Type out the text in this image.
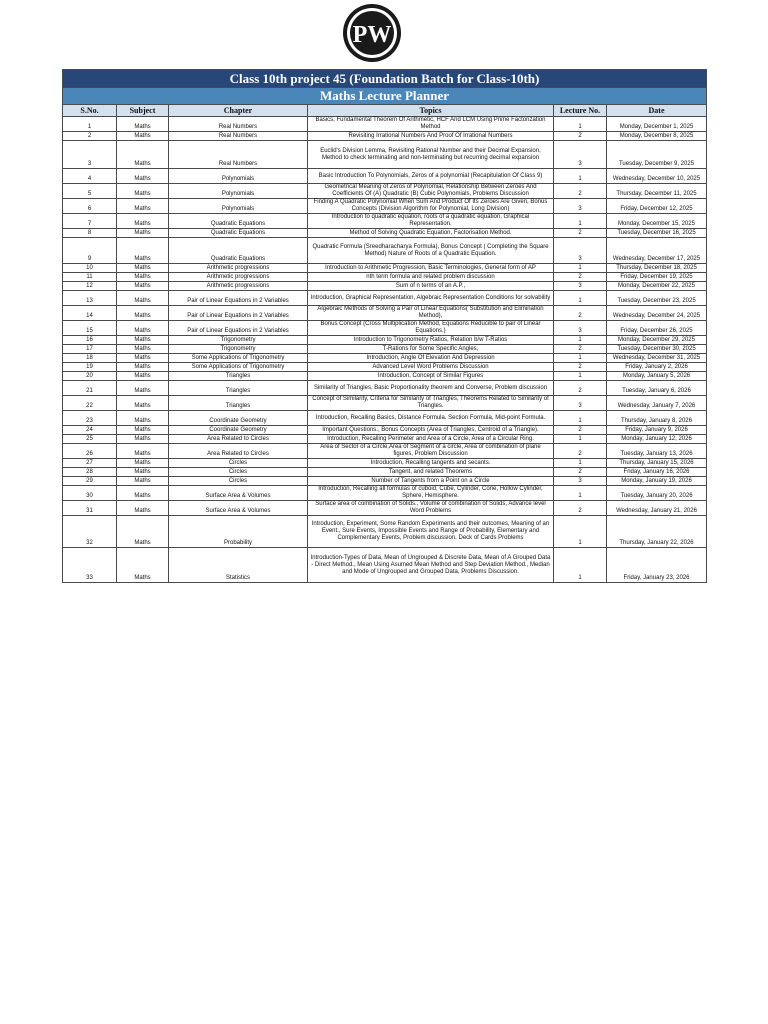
PW
Class 10th project 45 (Foundation Batch for Class-10th)					
Maths Lecture Planner					
S.No.	Subject	Chapter	Topics	Lecture No.	Date
1	Maths	Real Numbers	Basics, Fundamental Theorem Of Arithmetic, HCF And LCM Using Prime Factorization Method	1	Monday, December 1, 2025
2	Maths	Real Numbers	Revisiting Irrational Numbers And Proof Of Irrational Numbers	2	Monday, December 8, 2025
3	Maths	Real Numbers	Euclid's Division Lemma, Revisiting Rational Number and their Decimal Expansion, Method to check terminating and non-terminating but recurring decimal expansion	3	Tuesday, December 9, 2025
4	Maths	Polynomials	Basic Introduction To Polynomials, Zeros of a polynomial (Recapitulation Of Class 9)	1	Wednesday, December 10, 2025
5	Maths	Polynomials	Geometrical Meaning of Zeros of Polynomial, Relationship Between Zeroes And Coefficients Of (A) Quadratic (B) Cubic Polynomials, Problems Discussion	2	Thursday, December 11, 2025
6	Maths	Polynomials	Finding A Quadratic Polynomial When Sum And Product Of Its Zeroes Are Given, Bonus Concepts (Division Algorithm for Polynomial, Long Division)	3	Friday, December 12, 2025
7	Maths	Quadratic Equations	Introduction to quadratic equation, roots of a quadratic equation, Graphical Representation.	1	Monday, December 15, 2025
8	Maths	Quadratic Equations	Method of Solving Quadratic Equation, Factorisation Method.	2	Tuesday, December 16, 2025
9	Maths	Quadratic Equations	Quadratic Formula (Sreedharacharya Formula), Bonus Concept ( Completing the Square Method) Nature of Roots of a Quadratic Equation.	3	Wednesday, December 17, 2025
10	Maths	Arithmetic progressions	Introduction to Arithmetic Progression, Basic Terminologies, General form of AP	1	Thursday, December 18, 2025
11	Maths	Arithmetic progressions	nth term formula and related problem discussion	2	Friday, December 19, 2025
12	Maths	Arithmetic progressions	Sum of n terms of an A.P.,	3	Monday, December 22, 2025
13	Maths	Pair of Linear Equations in 2 Variables	Introduction, Graphical Representation, Algebraic Representation Conditions for solvability	1	Tuesday, December 23, 2025
14	Maths	Pair of Linear Equations in 2 Variables	Algebraic Methods of Solving a Pair of Linear Equations( Substitution and Elimination Method),	2	Wednesday, December 24, 2025
15	Maths	Pair of Linear Equations in 2 Variables	Bonus Concept (Cross Multiplication Method, Equations Reducible to pair of Linear Equations.)	3	Friday, December 26, 2025
16	Maths	Trigonometry	Introduction to Trigonometry Ratios, Relation b/w T-Ratios	1	Monday, December 29, 2025
17	Maths	Trigonometry	T-Rations for Some Specific Angles,	2	Tuesday, December 30, 2025
18	Maths	Some Applications of Trigonometry	Introduction, Angle Of Elevation And Depression	1	Wednesday, December 31, 2025
19	Maths	Some Applications of Trigonometry	Advanced Level Word Problems Discussion	2	Friday, January 2, 2026
20	Maths	Triangles	Introduction, Concept of Similar Figures	1	Monday, January 5, 2026
21	Maths	Triangles	Similarity of Triangles, Basic Proportionality theorem and Converse, Problem discussion	2	Tuesday, January 6, 2026
22	Maths	Triangles	Concept of Similarity, Criteria for Similarity of Triangles, Theorems Related to Similarity of Triangles.	3	Wednesday, January 7, 2026
23	Maths	Coordinate Geometry	Introduction, Recalling Basics, Distance Formula. Section Formula, Mid-point Formula.	1	Thursday, January 8, 2026
24	Maths	Coordinate Geometry	Important Questions., Bonus Concepts (Area of Triangles, Centroid of a Triangle).	2	Friday, January 9, 2026
25	Maths	Area Related to Circles	Introduction, Recalling Perimeter and Area of a Circle, Area of a Circular Ring.	1	Monday, January 12, 2026
26	Maths	Area Related to Circles	Area of Sector of a Circle,Area of Segment of a circle, Area of combination of plane figures, Problem Discussion	2	Tuesday, January 13, 2026
27	Maths	Circles	Introduction, Recalling tangents and secants.	1	Thursday, January 15, 2026
28	Maths	Circles	Tangent, and related Theorems	2	Friday, January 16, 2026
29	Maths	Circles	Number of Tangents from a Point on a Circle	3	Monday, January 19, 2026
30	Maths	Surface Area & Volumes	Introduction, Recalling all formulas of cuboid, Cube, Cylinder, Cone, Hollow Cylinder, Sphere, Hemisphere.	1	Tuesday, January 20, 2026
31	Maths	Surface Area & Volumes	Surface area of combination of Solids., Volume of combination of Solids, Advance level Word Problems	2	Wednesday, January 21, 2026
32	Maths	Probability	Introduction, Experiment, Some Random Experiments and their outcomes, Meaning of an Event., Sure Events, Impossible Events and Range of Probability, Elementary and Complementary Events, Problem discussion, Deck of Cards Problems	1	Thursday, January 22, 2026
33	Maths	Statistics	Introduction-Types of Data, Mean of Ungrouped & Discrete Data, Mean of A Grouped Data - Direct Method., Mean Using Asumed Mean Method and Step Deviation Method., Median and Mode of Ungrouped and Grouped Data, Problems Discussion.	1	Friday, January 23, 2026
